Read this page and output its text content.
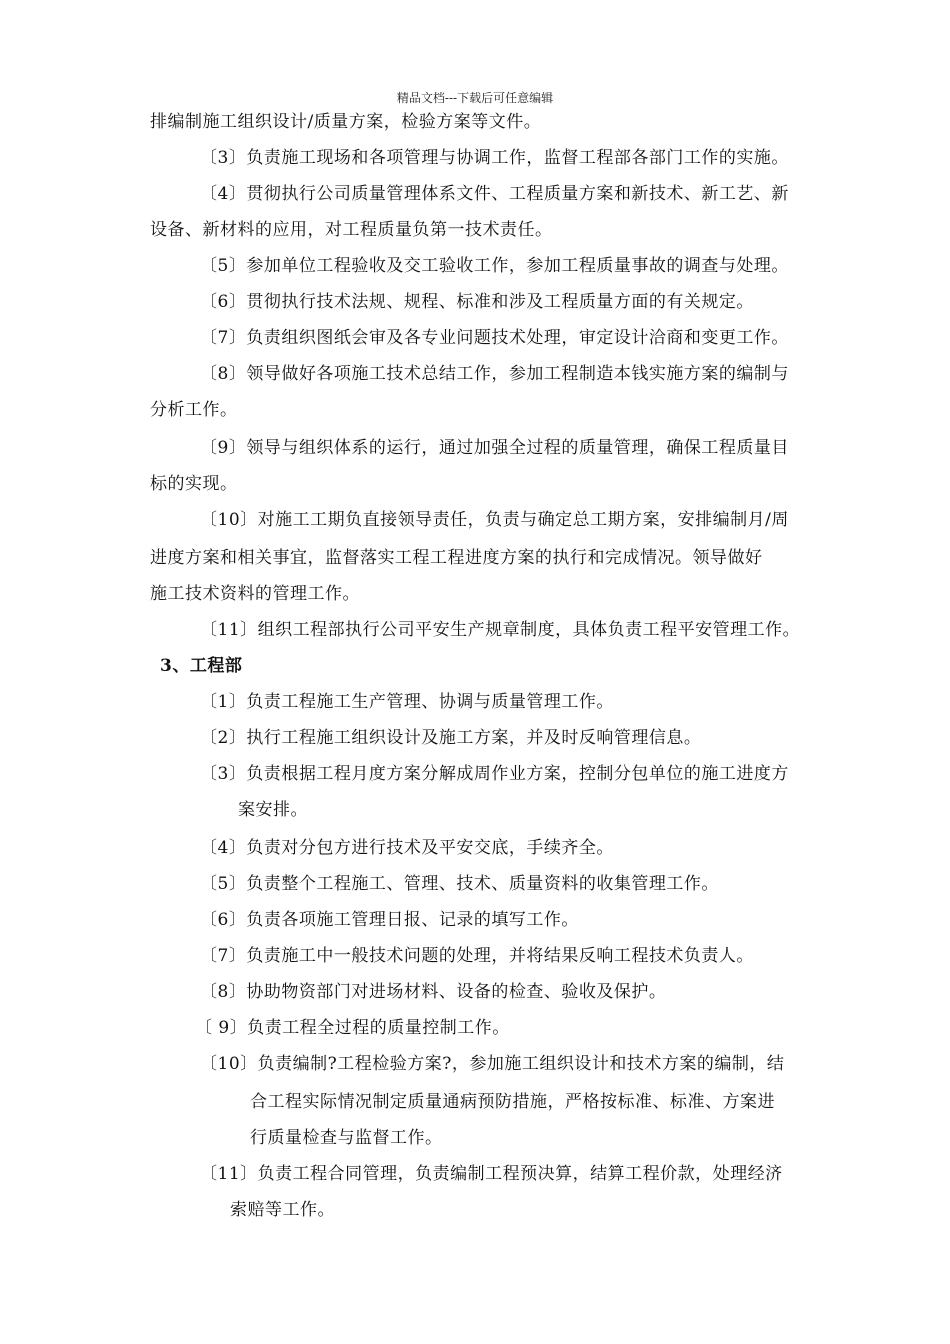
精品文档---下载后可任意编辑
排编制施工组织设计/质量方案，检验方案等文件。
〔3〕负责施工现场和各项管理与协调工作，监督工程部各部门工作的实施。
〔4〕贯彻执行公司质量管理体系文件、工程质量方案和新技术、新工艺、新
设备、新材料的应用，对工程质量负第一技术责任。
〔5〕参加单位工程验收及交工验收工作，参加工程质量事故的调查与处理。
〔6〕贯彻执行技术法规、规程、标准和涉及工程质量方面的有关规定。
〔7〕负责组织图纸会审及各专业问题技术处理，审定设计洽商和变更工作。
〔8〕领导做好各项施工技术总结工作，参加工程制造本钱实施方案的编制与
分析工作。
〔9〕领导与组织体系的运行，通过加强全过程的质量管理，确保工程质量目
标的实现。
〔10〕对施工工期负直接领导责任，负责与确定总工期方案，安排编制月/周
进度方案和相关事宜，监督落实工程工程进度方案的执行和完成情况。领导做好
施工技术资料的管理工作。
〔11〕组织工程部执行公司平安生产规章制度，具体负责工程平安管理工作。
3、工程部
〔1〕负责工程施工生产管理、协调与质量管理工作。
〔2〕执行工程施工组织设计及施工方案，并及时反响管理信息。
〔3〕负责根据工程月度方案分解成周作业方案，控制分包单位的施工进度方
案安排。
〔4〕负责对分包方进行技术及平安交底，手续齐全。
〔5〕负责整个工程施工、管理、技术、质量资料的收集管理工作。
〔6〕负责各项施工管理日报、记录的填写工作。
〔7〕负责施工中一般技术问题的处理，并将结果反响工程技术负责人。
〔8〕协助物资部门对进场材料、设备的检查、验收及保护。
〔 9〕负责工程全过程的质量控制工作。
〔10〕负责编制?工程检验方案?，参加施工组织设计和技术方案的编制，结
合工程实际情况制定质量通病预防措施，严格按标准、标准、方案进
行质量检查与监督工作。
〔11〕负责工程合同管理，负责编制工程预决算，结算工程价款，处理经济
索赔等工作。
